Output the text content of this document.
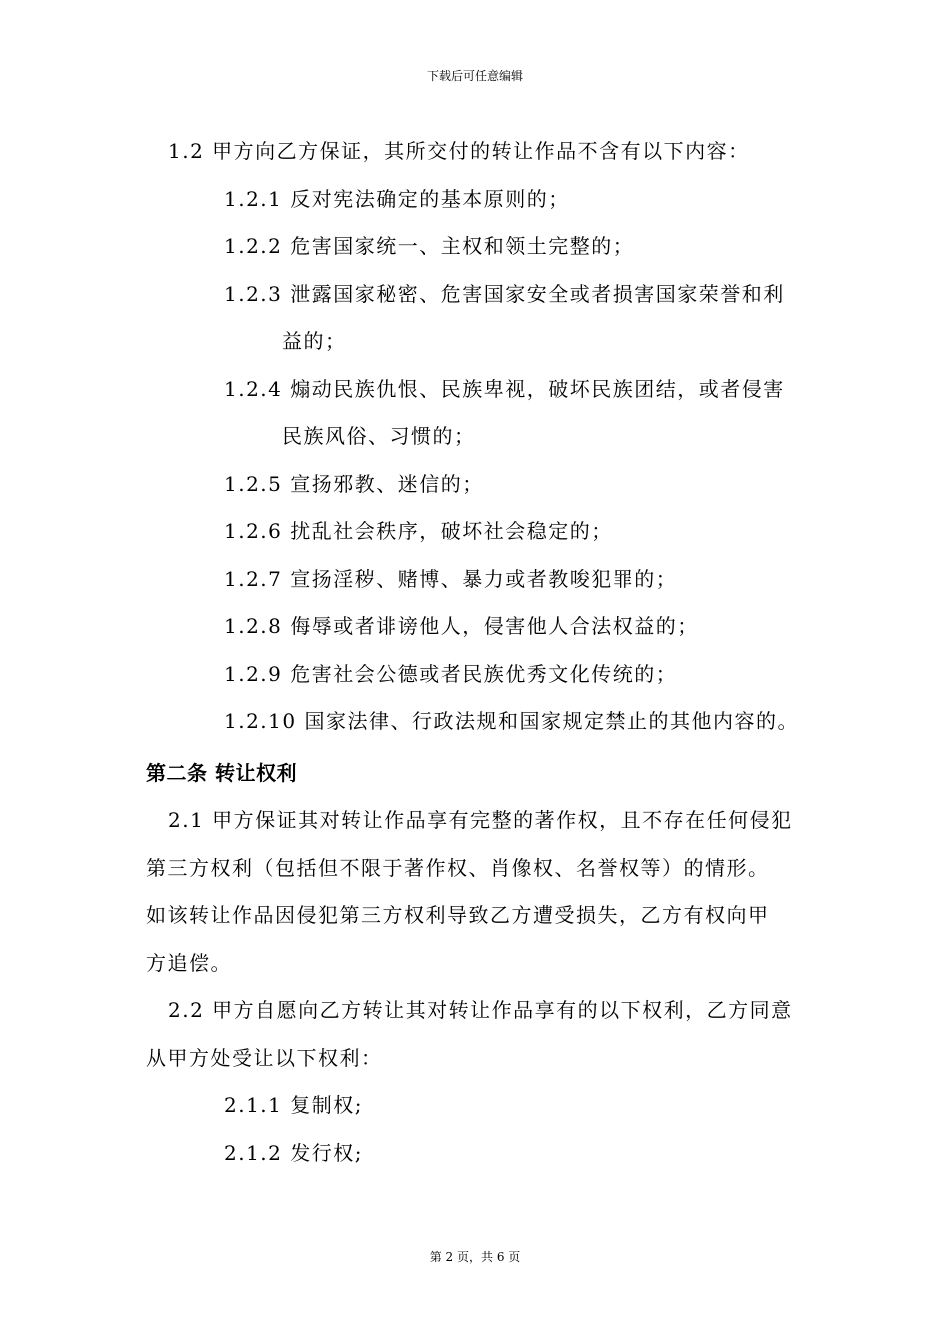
下载后可任意编辑
1.2 甲方向乙方保证，其所交付的转让作品不含有以下内容：
1.2.1 反对宪法确定的基本原则的；
1.2.2 危害国家统一、主权和领土完整的；
1.2.3 泄露国家秘密、危害国家安全或者损害国家荣誉和利
益的；
1.2.4 煽动民族仇恨、民族卑视，破坏民族团结，或者侵害
民族风俗、习惯的；
1.2.5 宣扬邪教、迷信的；
1.2.6 扰乱社会秩序，破坏社会稳定的；
1.2.7 宣扬淫秽、赌博、暴力或者教唆犯罪的；
1.2.8 侮辱或者诽谤他人，侵害他人合法权益的；
1.2.9 危害社会公德或者民族优秀文化传统的；
1.2.10 国家法律、行政法规和国家规定禁止的其他内容的。
第二条 转让权利
2.1 甲方保证其对转让作品享有完整的著作权，且不存在任何侵犯
第三方权利（包括但不限于著作权、肖像权、名誉权等）的情形。
如该转让作品因侵犯第三方权利导致乙方遭受损失，乙方有权向甲
方追偿。
2.2 甲方自愿向乙方转让其对转让作品享有的以下权利，乙方同意
从甲方处受让以下权利：
2.1.1 复制权;
2.1.2 发行权;
第 2 页，共 6 页
